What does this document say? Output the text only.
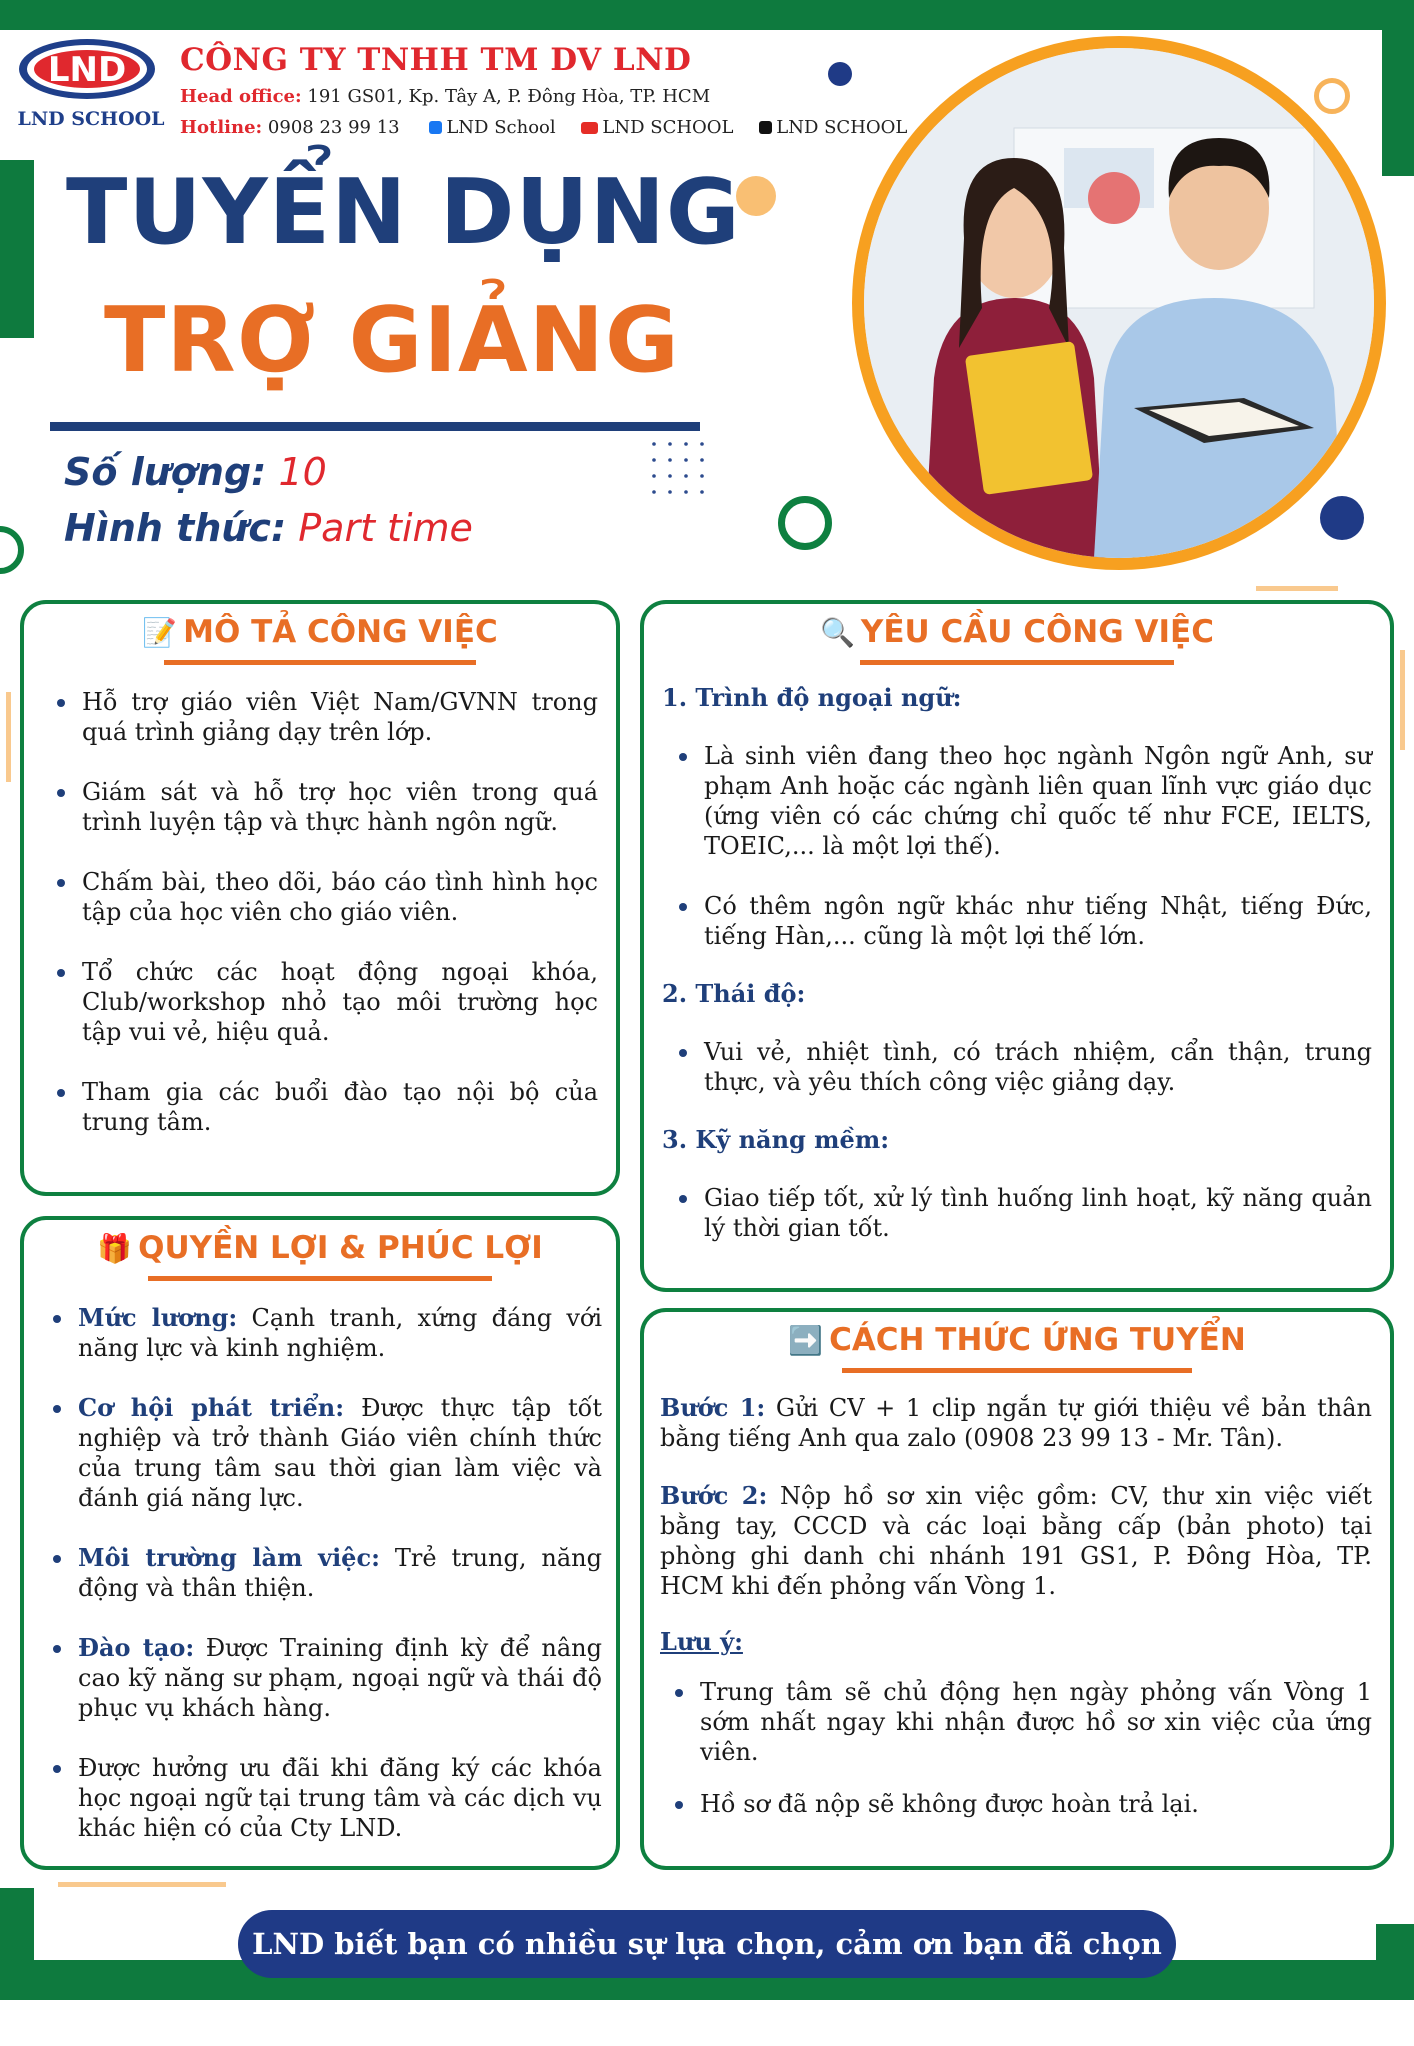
LND
LND SCHOOL
CÔNG TY TNHH TM DV LND
Head office: 191 GS01, Kp. Tây A, P. Đông Hòa, TP. HCM
Hotline: 0908 23 99 13	LND School	LND SCHOOL LND SCHOOL
TUYỂN DỤNG
TRỢ GIẢNG
Số lượng: 10
Hình thức: Part time
📝 MÔ TẢ CÔNG VIỆC
Hỗ trợ giáo viên Việt Nam/GVNN trong quá trình giảng dạy trên lớp.
Giám sát và hỗ trợ học viên trong quá trình luyện tập và thực hành ngôn ngữ.
Chấm bài, theo dõi, báo cáo tình hình học tập của học viên cho giáo viên.
Tổ chức các hoạt động ngoại khóa, Club/workshop nhỏ tạo môi trường học tập vui vẻ, hiệu quả.
Tham gia các buổi đào tạo nội bộ của trung tâm.
🎁 QUYỀN LỢI & PHÚC LỢI
Mức lương: Cạnh tranh, xứng đáng với năng lực và kinh nghiệm.
Cơ hội phát triển: Được thực tập tốt nghiệp và trở thành Giáo viên chính thức của trung tâm sau thời gian làm việc và đánh giá năng lực.
Môi trường làm việc: Trẻ trung, năng động và thân thiện.
Đào tạo: Được Training định kỳ để nâng cao kỹ năng sư phạm, ngoại ngữ và thái độ phục vụ khách hàng.
Được hưởng ưu đãi khi đăng ký các khóa học ngoại ngữ tại trung tâm và các dịch vụ khác hiện có của Cty LND.
🔍 YÊU CẦU CÔNG VIỆC
1. Trình độ ngoại ngữ:
Là sinh viên đang theo học ngành Ngôn ngữ Anh, sư phạm Anh hoặc các ngành liên quan lĩnh vực giáo dục (ứng viên có các chứng chỉ quốc tế như FCE, IELTS, TOEIC,... là một lợi thế).
Có thêm ngôn ngữ khác như tiếng Nhật, tiếng Đức, tiếng Hàn,... cũng là một lợi thế lớn.
2. Thái độ:
Vui vẻ, nhiệt tình, có trách nhiệm, cẩn thận, trung thực, và yêu thích công việc giảng dạy.
3. Kỹ năng mềm:
Giao tiếp tốt, xử lý tình huống linh hoạt, kỹ năng quản lý thời gian tốt.
➡️ CÁCH THỨC ỨNG TUYỂN
Bước 1: Gửi CV + 1 clip ngắn tự giới thiệu về bản thân bằng tiếng Anh qua zalo (0908 23 99 13 - Mr. Tân).
Bước 2: Nộp hồ sơ xin việc gồm: CV, thư xin việc viết bằng tay, CCCD và các loại bằng cấp (bản photo) tại phòng ghi danh chi nhánh 191 GS1, P. Đông Hòa, TP. HCM khi đến phỏng vấn Vòng 1.
Lưu ý:
Trung tâm sẽ chủ động hẹn ngày phỏng vấn Vòng 1 sớm nhất ngay khi nhận được hồ sơ xin việc của ứng viên.
Hồ sơ đã nộp sẽ không được hoàn trả lại.
LND biết bạn có nhiều sự lựa chọn, cảm ơn bạn đã chọn LND
